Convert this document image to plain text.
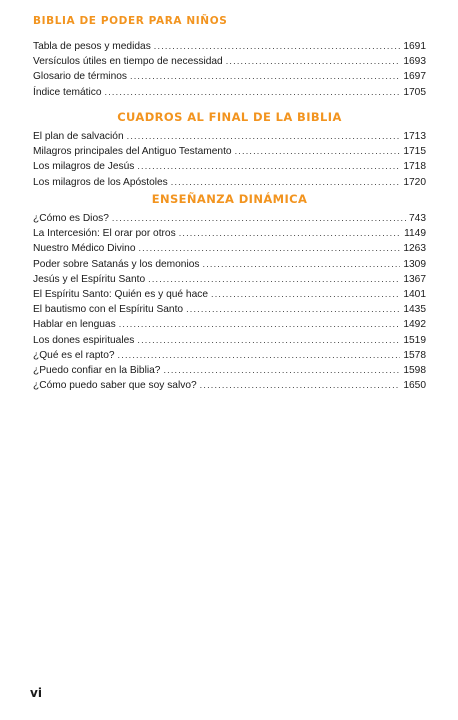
BIBLIA DE PODER PARA NIÑOS
Tabla de pesos y medidas .....	1691
Versículos útiles en tiempo de necessidad .....	1693
Glosario de términos .....	1697
Índice temático .....	1705
CUADROS AL FINAL DE LA BIBLIA
El plan de salvación .....	1713
Milagros principales del Antiguo Testamento .....	1715
Los milagros de Jesús .....	1718
Los milagros de los Apóstoles .....	1720
ENSEÑANZA DINÁMICA
¿Cómo es Dios? .....	743
La Intercesión: El orar por otros .....	1149
Nuestro Médico Divino .....	1263
Poder sobre Satanás y los demonios .....	1309
Jesús y el Espíritu Santo .....	1367
El Espíritu Santo: Quién es y qué hace .....	1401
El bautismo con el Espíritu Santo .....	1435
Hablar en lenguas .....	1492
Los dones espirituales .....	1519
¿Qué es el rapto? .....	1578
¿Puedo confiar en la Biblia? .....	1598
¿Cómo puedo saber que soy salvo? .....	1650
vi
